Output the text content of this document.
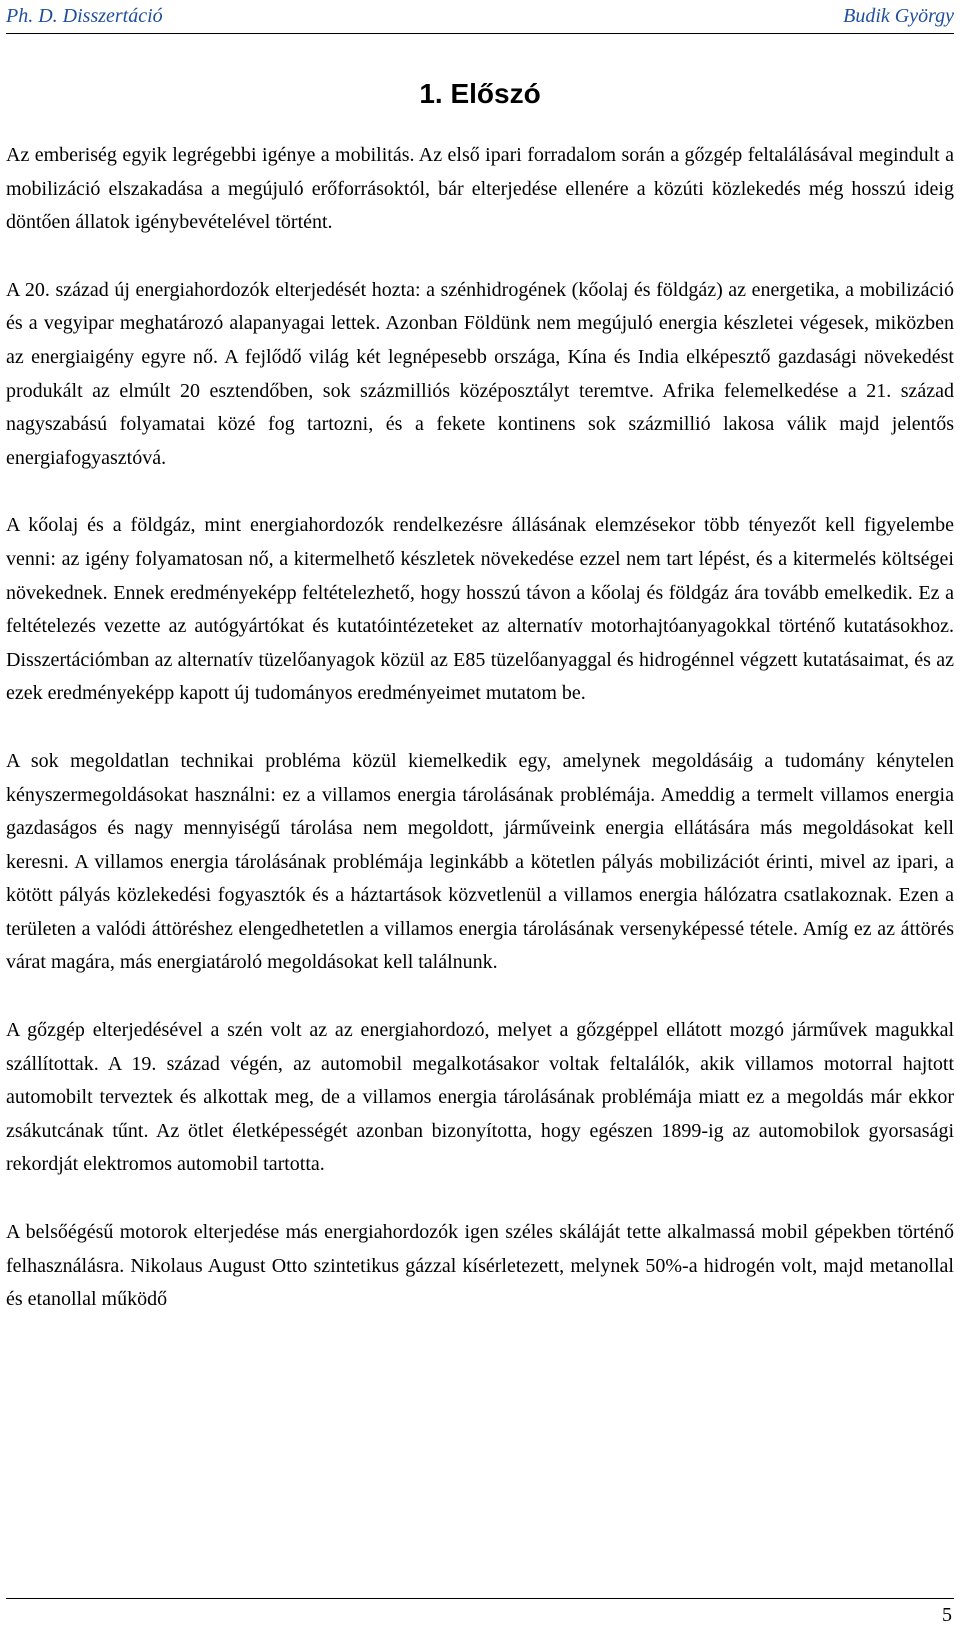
Ph. D. Disszertáció	Budik György
1. Előszó

Az emberiség egyik legrégebbi igénye a mobilitás. Az első ipari forradalom során a gőzgép feltalálásával megindult a mobilizáció elszakadása a megújuló erőforrásoktól, bár elterjedése ellenére a közúti közlekedés még hosszú ideig döntően állatok igénybevételével történt.

A 20. század új energiahordozók elterjedését hozta: a szénhidrogének (kőolaj és földgáz) az energetika, a mobilizáció és a vegyipar meghatározó alapanyagai lettek. Azonban Földünk nem megújuló energia készletei végesek, miközben az energiaigény egyre nő. A fejlődő világ két legnépesebb országa, Kína és India elképesztő gazdasági növekedést produkált az elmúlt 20 esztendőben, sok százmilliós középosztályt teremtve. Afrika felemelkedése a 21. század nagyszabású folyamatai közé fog tartozni, és a fekete kontinens sok százmillió lakosa válik majd jelentős energiafogyasztóvá.

A kőolaj és a földgáz, mint energiahordozók rendelkezésre állásának elemzésekor több tényezőt kell figyelembe venni: az igény folyamatosan nő, a kitermelhető készletek növekedése ezzel nem tart lépést, és a kitermelés költségei növekednek. Ennek eredményeképp feltételezhető, hogy hosszú távon a kőolaj és földgáz ára tovább emelkedik. Ez a feltételezés vezette az autógyártókat és kutatóintézeteket az alternatív motorhajtóanyagokkal történő kutatásokhoz. Disszertációmban az alternatív tüzelőanyagok közül az E85 tüzelőanyaggal és hidrogénnel végzett kutatásaimat, és az ezek eredményeképp kapott új tudományos eredményeimet mutatom be.

A sok megoldatlan technikai probléma közül kiemelkedik egy, amelynek megoldásáig a tudomány kénytelen kényszermegoldásokat használni: ez a villamos energia tárolásának problémája. Ameddig a termelt villamos energia gazdaságos és nagy mennyiségű tárolása nem megoldott, járműveink energia ellátására más megoldásokat kell keresni. A villamos energia tárolásának problémája leginkább a kötetlen pályás mobilizációt érinti, mivel az ipari, a kötött pályás közlekedési fogyasztók és a háztartások közvetlenül a villamos energia hálózatra csatlakoznak. Ezen a területen a valódi áttöréshez elengedhetetlen a villamos energia tárolásának versenyképessé tétele. Amíg ez az áttörés várat magára, más energiatároló megoldásokat kell találnunk.

A gőzgép elterjedésével a szén volt az az energiahordozó, melyet a gőzgéppel ellátott mozgó járművek magukkal szállítottak. A 19. század végén, az automobil megalkotásakor voltak feltalálók, akik villamos motorral hajtott automobilt terveztek és alkottak meg, de a villamos energia tárolásának problémája miatt ez a megoldás már ekkor zsákutcának tűnt. Az ötlet életképességét azonban bizonyította, hogy egészen 1899-ig az automobilok gyorsasági rekordját elektromos automobil tartotta.

A belsőégésű motorok elterjedése más energiahordozók igen széles skáláját tette alkalmassá mobil gépekben történő felhasználásra. Nikolaus August Otto szintetikus gázzal kísérletezett, melynek 50%-a hidrogén volt, majd metanollal és etanollal működő

5
